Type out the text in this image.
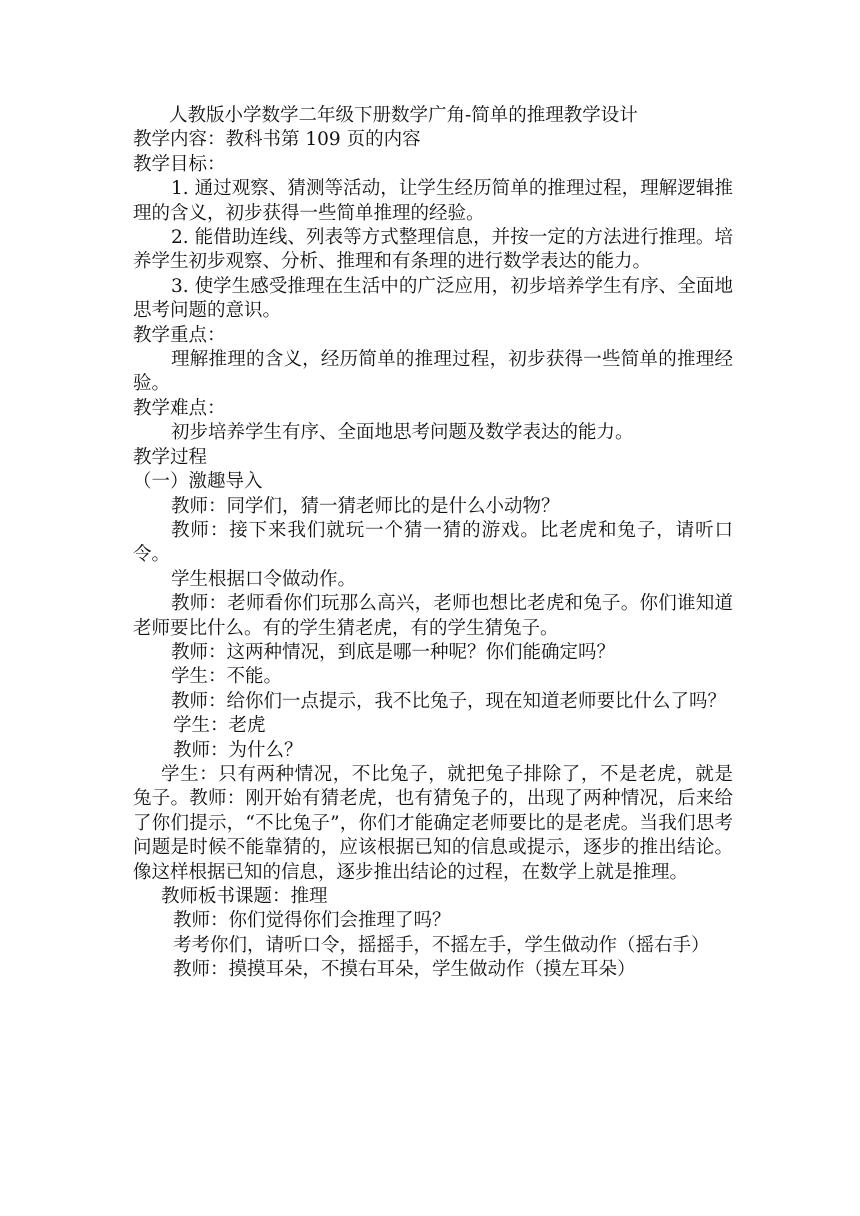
人教版小学数学二年级下册数学广角-简单的推理教学设计

教学内容：教科书第 109 页的内容

教学目标：

1. 通过观察、猜测等活动，让学生经历简单的推理过程，理解逻辑推理的含义，初步获得一些简单推理的经验。

2. 能借助连线、列表等方式整理信息，并按一定的方法进行推理。培养学生初步观察、分析、推理和有条理的进行数学表达的能力。

3. 使学生感受推理在生活中的广泛应用，初步培养学生有序、全面地思考问题的意识。

教学重点：

理解推理的含义，经历简单的推理过程，初步获得一些简单的推理经验。

教学难点：

初步培养学生有序、全面地思考问题及数学表达的能力。

教学过程

（一）激趣导入

教师：同学们，猜一猜老师比的是什么小动物？

教师：接下来我们就玩一个猜一猜的游戏。比老虎和兔子，请听口令。

学生根据口令做动作。

教师：老师看你们玩那么高兴，老师也想比老虎和兔子。你们谁知道老师要比什么。有的学生猜老虎，有的学生猜兔子。

教师：这两种情况，到底是哪一种呢？你们能确定吗？

学生：不能。

教师：给你们一点提示，我不比兔子，现在知道老师要比什么了吗？

学生：老虎

教师：为什么？

学生：只有两种情况，不比兔子，就把兔子排除了，不是老虎，就是兔子。教师：刚开始有猜老虎，也有猜兔子的，出现了两种情况，后来给了你们提示，“不比兔子”，你们才能确定老师要比的是老虎。当我们思考问题是时候不能靠猜的，应该根据已知的信息或提示，逐步的推出结论。像这样根据已知的信息，逐步推出结论的过程，在数学上就是推理。

教师板书课题：推理

教师：你们觉得你们会推理了吗？

考考你们，请听口令，摇摇手，不摇左手，学生做动作（摇右手）

教师：摸摸耳朵，不摸右耳朵，学生做动作（摸左耳朵）
